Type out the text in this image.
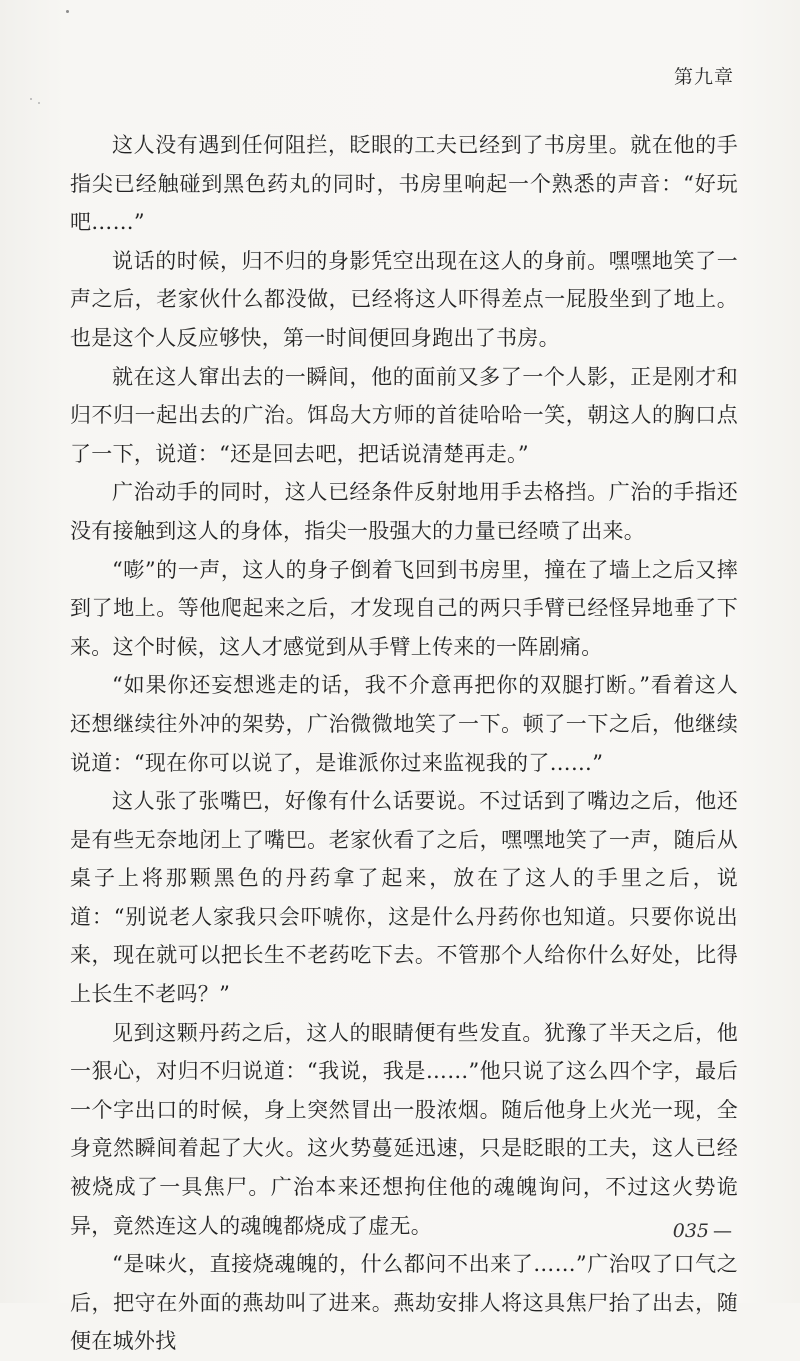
第九章

这人没有遇到任何阻拦，眨眼的工夫已经到了书房里。就在他的手指尖已经触碰到黑色药丸的同时，书房里响起一个熟悉的声音：“好玩吧……”

说话的时候，归不归的身影凭空出现在这人的身前。嘿嘿地笑了一声之后，老家伙什么都没做，已经将这人吓得差点一屁股坐到了地上。也是这个人反应够快，第一时间便回身跑出了书房。

就在这人窜出去的一瞬间，他的面前又多了一个人影，正是刚才和归不归一起出去的广治。饵岛大方师的首徒哈哈一笑，朝这人的胸口点了一下，说道：“还是回去吧，把话说清楚再走。”

广治动手的同时，这人已经条件反射地用手去格挡。广治的手指还没有接触到这人的身体，指尖一股强大的力量已经喷了出来。

“嘭”的一声，这人的身子倒着飞回到书房里，撞在了墙上之后又摔到了地上。等他爬起来之后，才发现自己的两只手臂已经怪异地垂了下来。这个时候，这人才感觉到从手臂上传来的一阵剧痛。

“如果你还妄想逃走的话，我不介意再把你的双腿打断。”看着这人还想继续往外冲的架势，广治微微地笑了一下。顿了一下之后，他继续说道：“现在你可以说了，是谁派你过来监视我的了……”

这人张了张嘴巴，好像有什么话要说。不过话到了嘴边之后，他还是有些无奈地闭上了嘴巴。老家伙看了之后，嘿嘿地笑了一声，随后从桌子上将那颗黑色的丹药拿了起来，放在了这人的手里之后，说道：“别说老人家我只会吓唬你，这是什么丹药你也知道。只要你说出来，现在就可以把长生不老药吃下去。不管那个人给你什么好处，比得上长生不老吗？”

见到这颗丹药之后，这人的眼睛便有些发直。犹豫了半天之后，他一狠心，对归不归说道：“我说，我是……”他只说了这么四个字，最后一个字出口的时候，身上突然冒出一股浓烟。随后他身上火光一现，全身竟然瞬间着起了大火。这火势蔓延迅速，只是眨眼的工夫，这人已经被烧成了一具焦尸。广治本来还想拘住他的魂魄询问，不过这火势诡异，竟然连这人的魂魄都烧成了虚无。

“是味火，直接烧魂魄的，什么都问不出来了……”广治叹了口气之后，把守在外面的燕劫叫了进来。燕劫安排人将这具焦尸抬了出去，随便在城外找

035 —
